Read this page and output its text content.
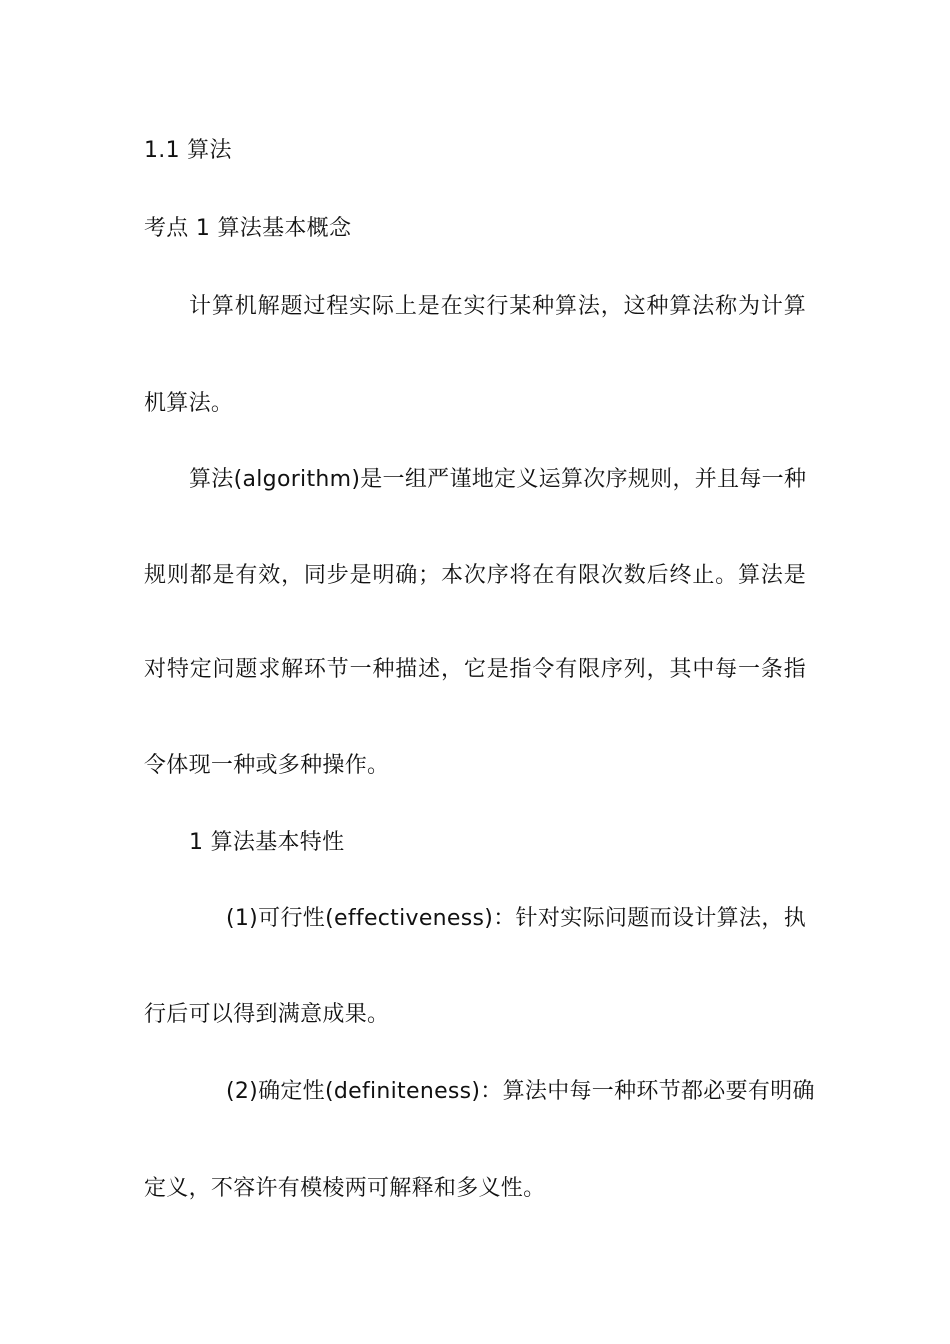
1.1 算法
考点 1 算法基本概念
计算机解题过程实际上是在实行某种算法，这种算法称为计算
机算法。
算法(algorithm)是一组严谨地定义运算次序规则，并且每一种
规则都是有效，同步是明确；本次序将在有限次数后终止。算法是
对特定问题求解环节一种描述，它是指令有限序列，其中每一条指
令体现一种或多种操作。
1 算法基本特性
(1)可行性(effectiveness)：针对实际问题而设计算法，执
行后可以得到满意成果。
(2)确定性(definiteness)：算法中每一种环节都必要有明确
定义，不容许有模棱两可解释和多义性。
